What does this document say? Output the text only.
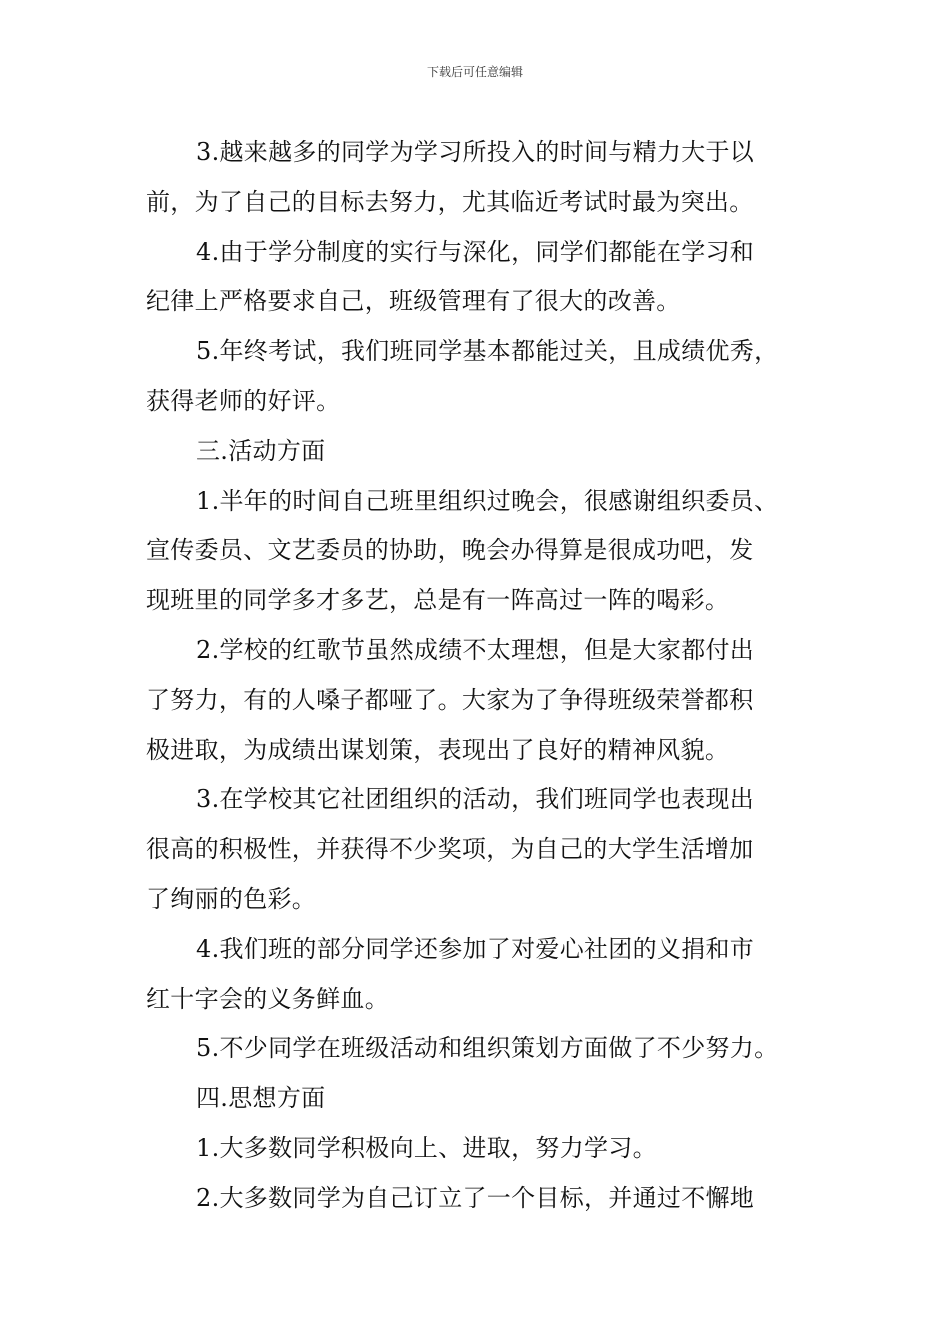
下载后可任意编辑
3.越来越多的同学为学习所投入的时间与精力大于以
前，为了自己的目标去努力，尤其临近考试时最为突出。
4.由于学分制度的实行与深化，同学们都能在学习和
纪律上严格要求自己，班级管理有了很大的改善。
5.年终考试，我们班同学基本都能过关，且成绩优秀，
获得老师的好评。
三.活动方面
1.半年的时间自己班里组织过晚会，很感谢组织委员、
宣传委员、文艺委员的协助，晚会办得算是很成功吧，发
现班里的同学多才多艺，总是有一阵高过一阵的喝彩。
2.学校的红歌节虽然成绩不太理想，但是大家都付出
了努力，有的人嗓子都哑了。大家为了争得班级荣誉都积
极进取，为成绩出谋划策，表现出了良好的精神风貌。
3.在学校其它社团组织的活动，我们班同学也表现出
很高的积极性，并获得不少奖项，为自己的大学生活增加
了绚丽的色彩。
4.我们班的部分同学还参加了对爱心社团的义捐和市
红十字会的义务鲜血。
5.不少同学在班级活动和组织策划方面做了不少努力。
四.思想方面
1.大多数同学积极向上、进取，努力学习。
2.大多数同学为自己订立了一个目标，并通过不懈地
